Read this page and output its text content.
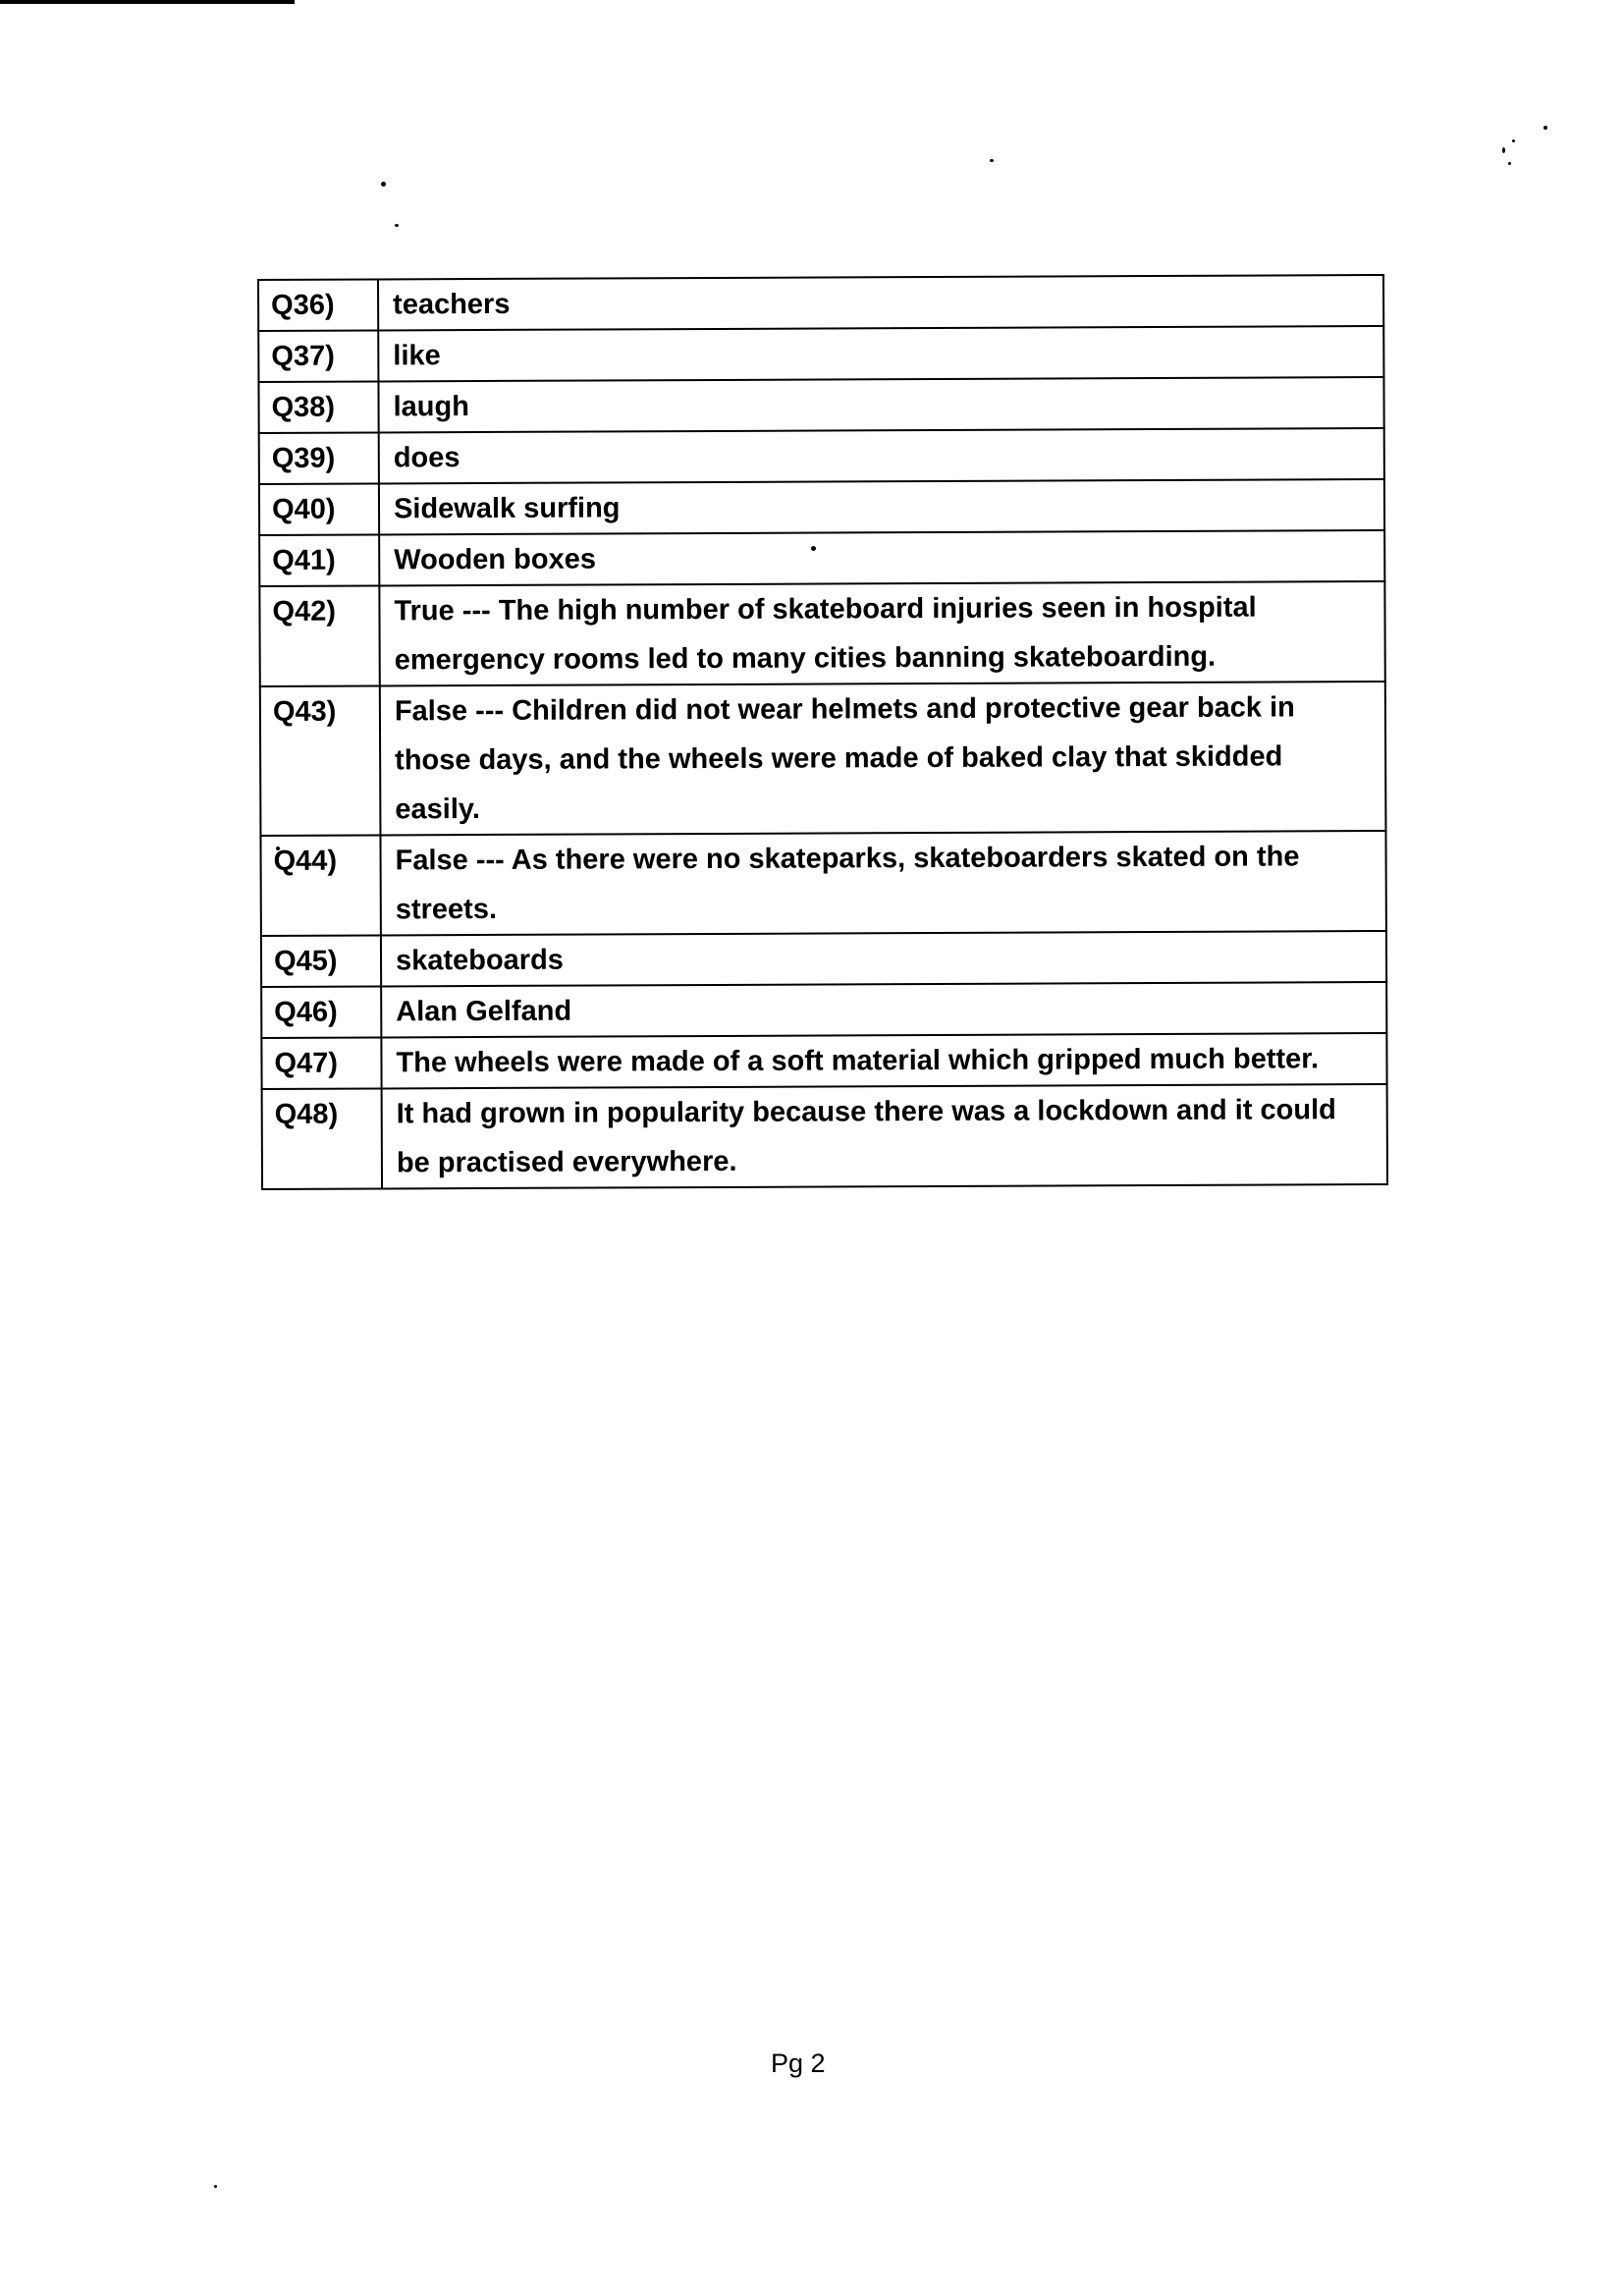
Q36)	teachers
Q37)	like
Q38)	laugh
Q39)	does
Q40)	Sidewalk surfing
Q41)	Wooden boxes
Q42)	True --- The high number of skateboard injuries seen in hospital emergency rooms led to many cities banning skateboarding.
Q43)	False --- Children did not wear helmets and protective gear back in those days, and the wheels were made of baked clay that skidded easily.
Q44)	False --- As there were no skateparks, skateboarders skated on the streets.
Q45)	skateboards
Q46)	Alan Gelfand
Q47)	The wheels were made of a soft material which gripped much better.
Q48)	It had grown in popularity because there was a lockdown and it could be practised everywhere.
Pg 2
